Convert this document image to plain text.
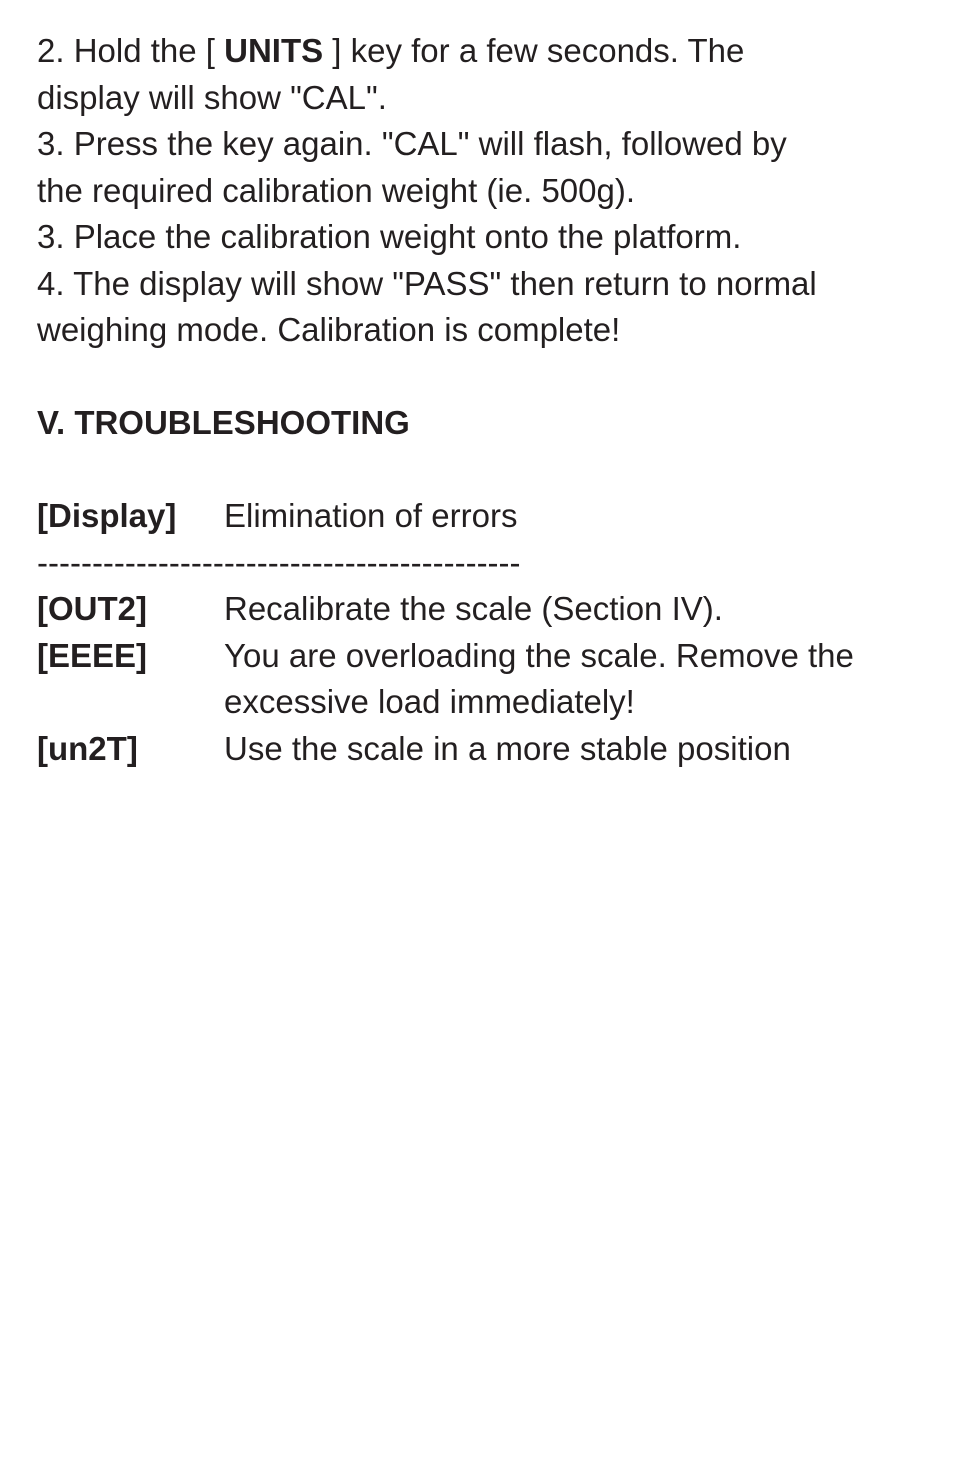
2. Hold the [ UNITS ] key for a few seconds. The

display will show "CAL".

3. Press the key again. "CAL" will flash, followed by

the required calibration weight (ie. 500g).

3. Place the calibration weight onto the platform.

4. The display will show "PASS" then return to normal

weighing mode. Calibration is complete!

V. TROUBLESHOOTING
[Display]	Elimination of errors
--------------------------------------------
[OUT2]	Recalibrate the scale (Section IV).
[EEEE]	You are overloading the scale. Remove the
excessive load immediately!
[un2T]	Use the scale in a more stable position
